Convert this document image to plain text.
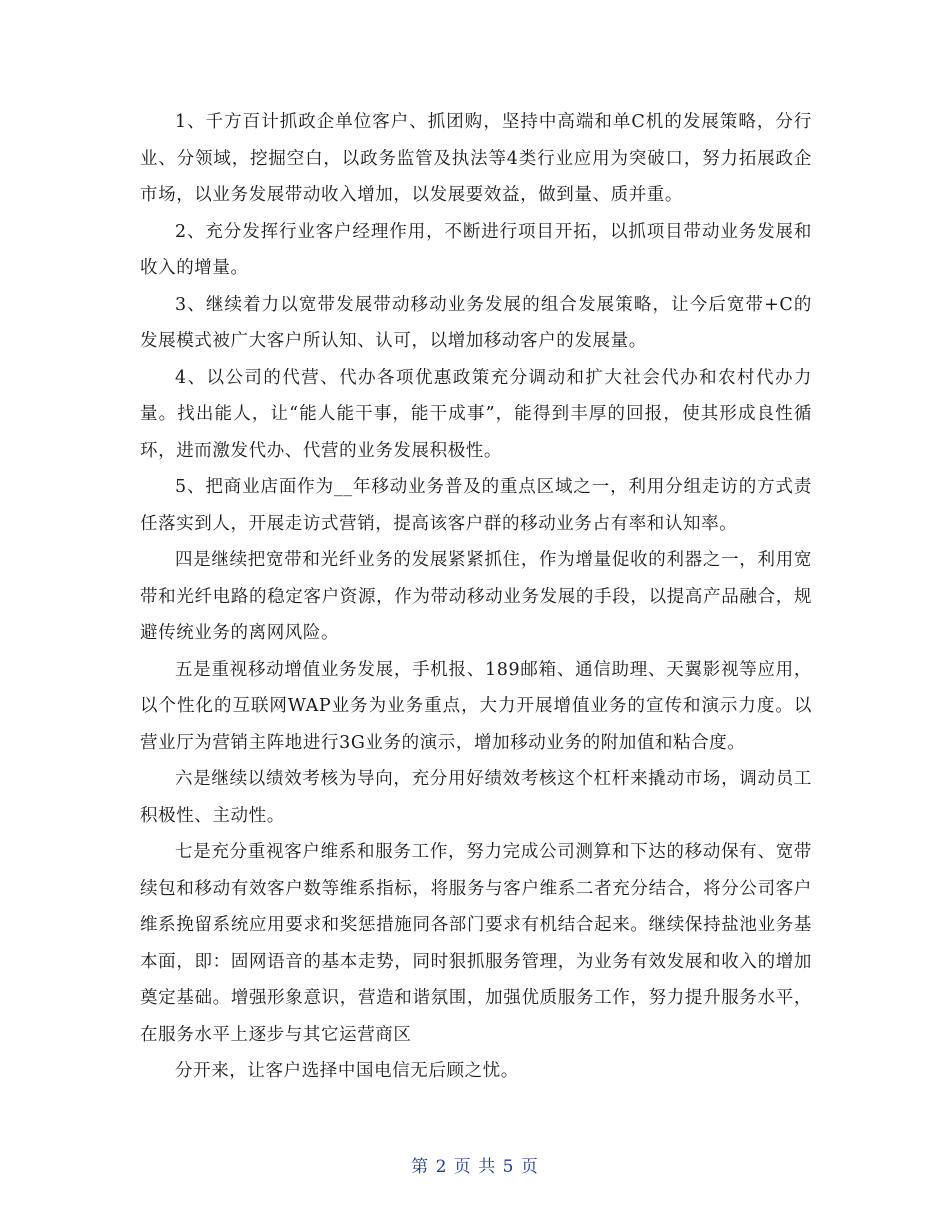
1、千方百计抓政企单位客户、抓团购，坚持中高端和单C机的发展策略，分行业、分领域，挖掘空白，以政务监管及执法等4类行业应用为突破口，努力拓展政企市场，以业务发展带动收入增加，以发展要效益，做到量、质并重。

2、充分发挥行业客户经理作用，不断进行项目开拓，以抓项目带动业务发展和收入的增量。

3、继续着力以宽带发展带动移动业务发展的组合发展策略，让今后宽带+C的发展模式被广大客户所认知、认可，以增加移动客户的发展量。

4、以公司的代营、代办各项优惠政策充分调动和扩大社会代办和农村代办力量。找出能人，让“能人能干事，能干成事”，能得到丰厚的回报，使其形成良性循环，进而激发代办、代营的业务发展积极性。

5、把商业店面作为__年移动业务普及的重点区域之一，利用分组走访的方式责任落实到人，开展走访式营销，提高该客户群的移动业务占有率和认知率。

四是继续把宽带和光纤业务的发展紧紧抓住，作为增量促收的利器之一，利用宽带和光纤电路的稳定客户资源，作为带动移动业务发展的手段，以提高产品融合，规避传统业务的离网风险。

五是重视移动增值业务发展，手机报、189邮箱、通信助理、天翼影视等应用，以个性化的互联网WAP业务为业务重点，大力开展增值业务的宣传和演示力度。以营业厅为营销主阵地进行3G业务的演示，增加移动业务的附加值和粘合度。

六是继续以绩效考核为导向，充分用好绩效考核这个杠杆来撬动市场，调动员工积极性、主动性。

七是充分重视客户维系和服务工作，努力完成公司测算和下达的移动保有、宽带续包和移动有效客户数等维系指标，将服务与客户维系二者充分结合，将分公司客户维系挽留系统应用要求和奖惩措施同各部门要求有机结合起来。继续保持盐池业务基本面，即：固网语音的基本走势，同时狠抓服务管理，为业务有效发展和收入的增加奠定基础。增强形象意识，营造和谐氛围，加强优质服务工作，努力提升服务水平，在服务水平上逐步与其它运营商区

分开来，让客户选择中国电信无后顾之忧。

第 2 页 共 5 页
